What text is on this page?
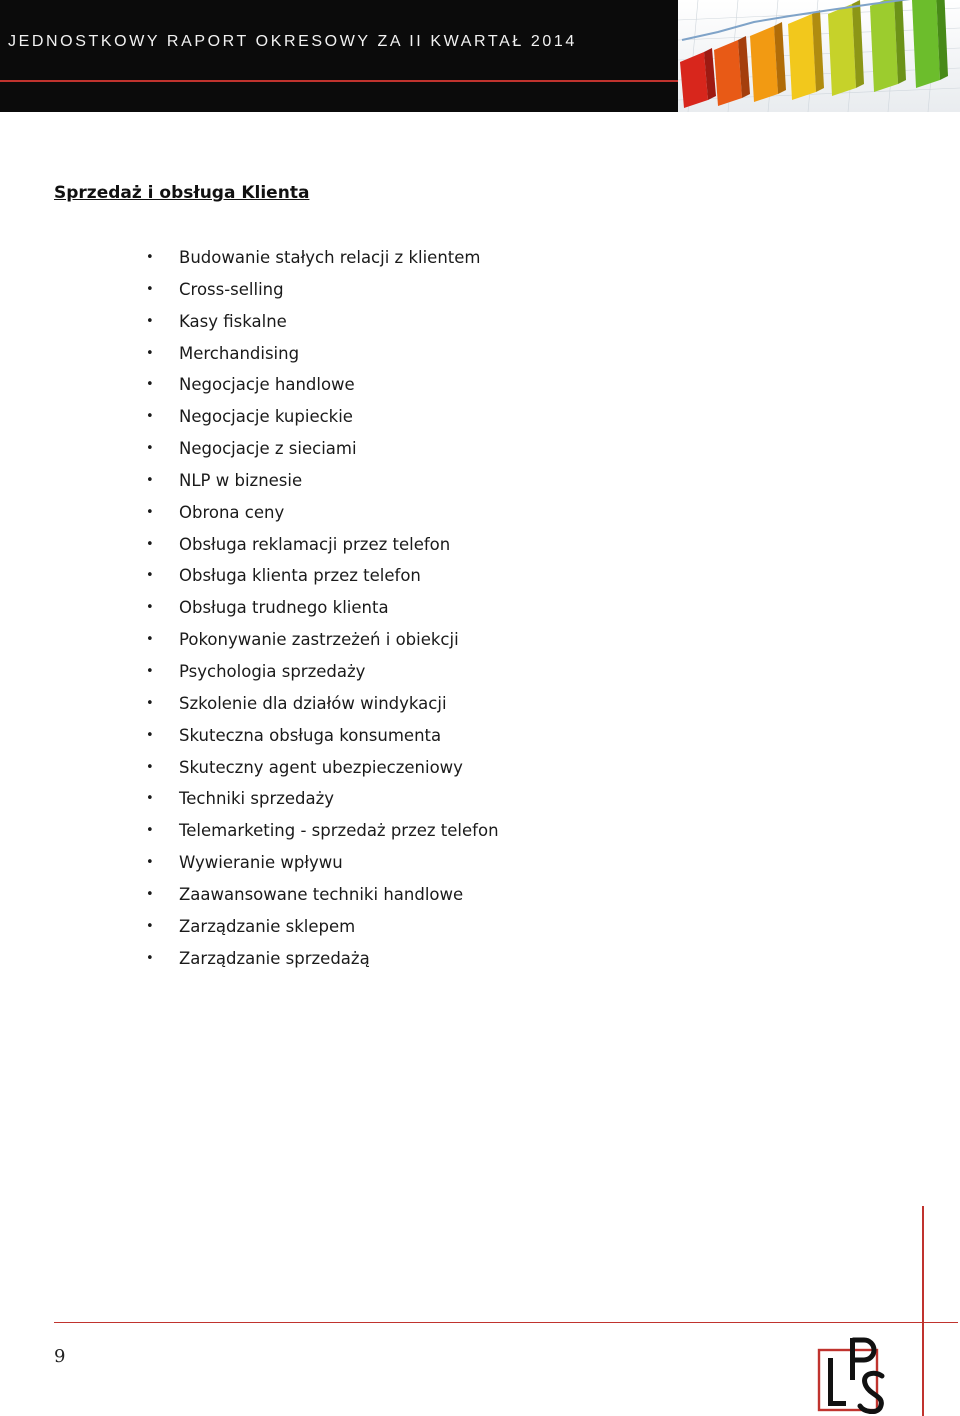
JEDNOSTKOWY RAPORT OKRESOWY ZA II KWARTAŁ 2014
Sprzedaż i obsługa Klienta
• Budowanie stałych relacji z klientem
• Cross-selling
• Kasy fiskalne
• Merchandising
• Negocjacje handlowe
• Negocjacje kupieckie
• Negocjacje z sieciami
• NLP w biznesie
• Obrona ceny
• Obsługa reklamacji przez telefon
• Obsługa klienta przez telefon
• Obsługa trudnego klienta
• Pokonywanie zastrzeżeń i obiekcji
• Psychologia sprzedaży
• Szkolenie dla działów windykacji
• Skuteczna obsługa konsumenta
• Skuteczny agent ubezpieczeniowy
• Techniki sprzedaży
• Telemarketing - sprzedaż przez telefon
• Wywieranie wpływu
• Zaawansowane techniki handlowe
• Zarządzanie sklepem
• Zarządzanie sprzedażą
9
